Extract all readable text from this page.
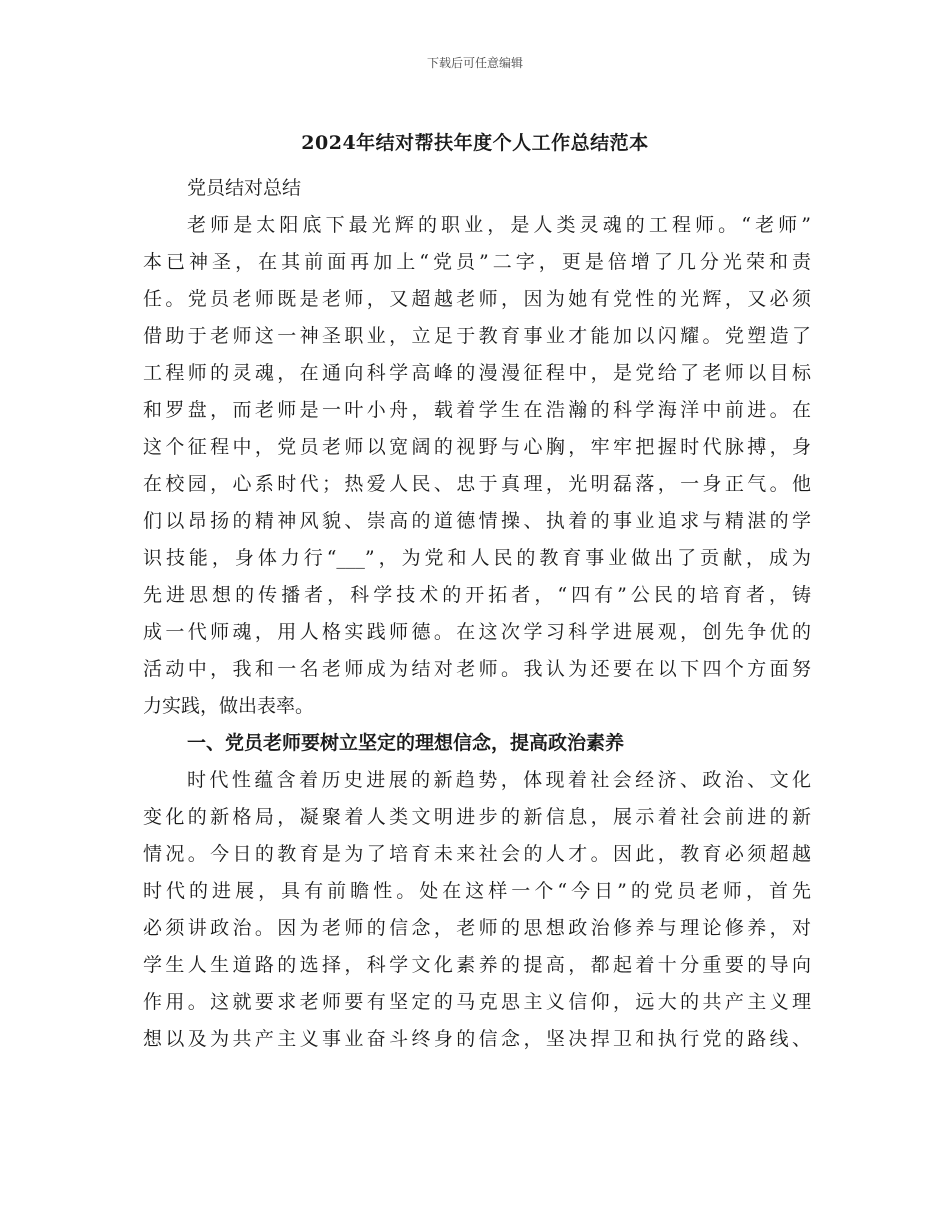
下载后可任意编辑
2024年结对帮扶年度个人工作总结范本
党员结对总结
老师是太阳底下最光辉的职业，是人类灵魂的工程师。“老师”
本已神圣，在其前面再加上“党员”二字，更是倍增了几分光荣和责
任。党员老师既是老师，又超越老师，因为她有党性的光辉，又必须
借助于老师这一神圣职业，立足于教育事业才能加以闪耀。党塑造了
工程师的灵魂，在通向科学高峰的漫漫征程中，是党给了老师以目标
和罗盘，而老师是一叶小舟，载着学生在浩瀚的科学海洋中前进。在
这个征程中，党员老师以宽阔的视野与心胸，牢牢把握时代脉搏，身
在校园，心系时代；热爱人民、忠于真理，光明磊落，一身正气。他
们以昂扬的精神风貌、崇高的道德情操、执着的事业追求与精湛的学
识技能，身体力行“___”，为党和人民的教育事业做出了贡献，成为
先进思想的传播者，科学技术的开拓者，“四有”公民的培育者，铸
成一代师魂，用人格实践师德。在这次学习科学进展观，创先争优的
活动中，我和一名老师成为结对老师。我认为还要在以下四个方面努
力实践，做出表率。
一、党员老师要树立坚定的理想信念，提高政治素养
时代性蕴含着历史进展的新趋势，体现着社会经济、政治、文化
变化的新格局，凝聚着人类文明进步的新信息，展示着社会前进的新
情况。今日的教育是为了培育未来社会的人才。因此，教育必须超越
时代的进展，具有前瞻性。处在这样一个“今日”的党员老师，首先
必须讲政治。因为老师的信念，老师的思想政治修养与理论修养，对
学生人生道路的选择，科学文化素养的提高，都起着十分重要的导向
作用。这就要求老师要有坚定的马克思主义信仰，远大的共产主义理
想以及为共产主义事业奋斗终身的信念，坚决捍卫和执行党的路线、
